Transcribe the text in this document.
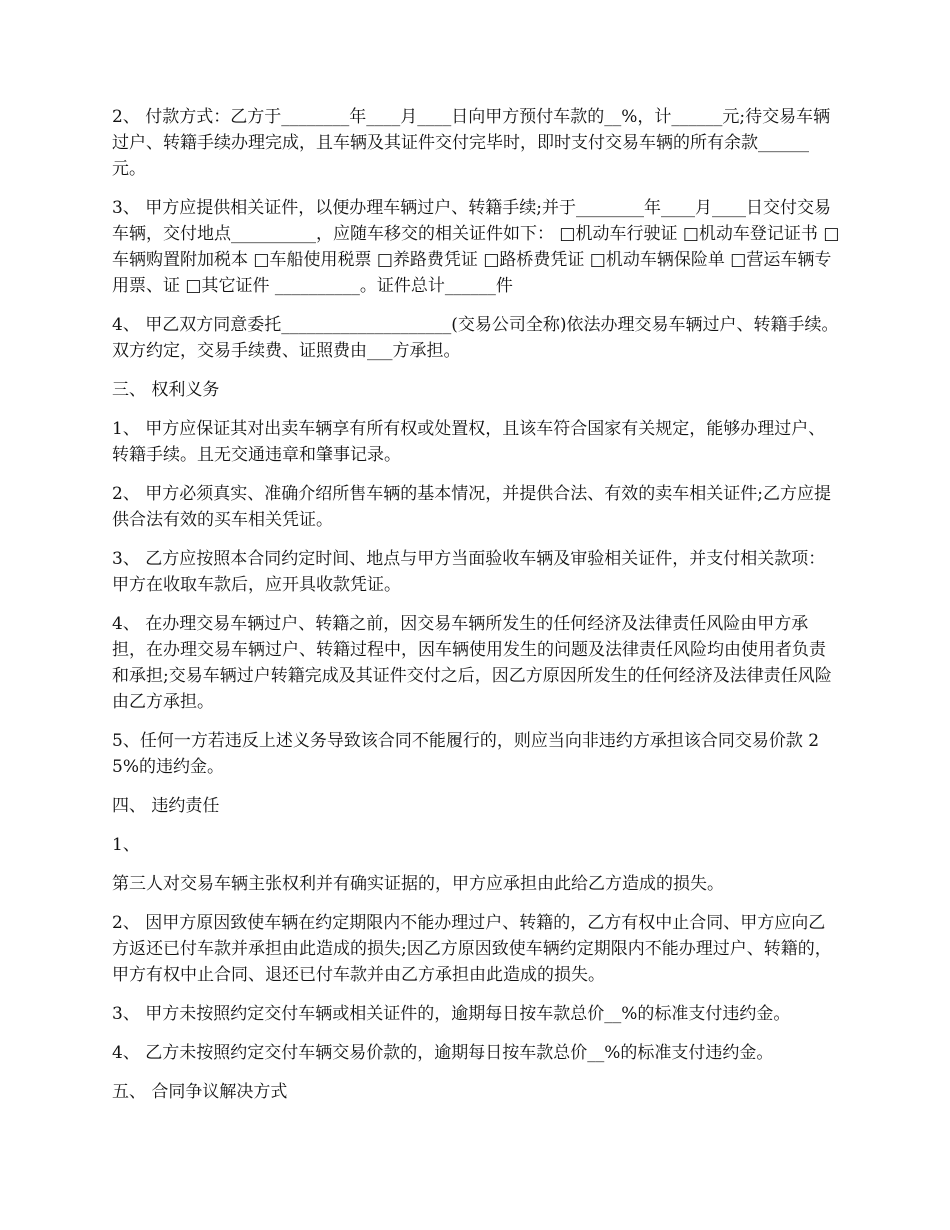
2、 付款方式：乙方于________年____月____日向甲方预付车款的__%，计______元;待交易车辆过户、转籍手续办理完成，且车辆及其证件交付完毕时，即时支付交易车辆的所有余款______元。

3、 甲方应提供相关证件，以便办理车辆过户、转籍手续;并于________年____月____日交付交易车辆，交付地点__________，应随车移交的相关证件如下： □机动车行驶证 □机动车登记证书 □车辆购置附加税本 □车船使用税票 □养路费凭证 □路桥费凭证 □机动车辆保险单 □营运车辆专用票、证 □其它证件 __________。证件总计______件

4、 甲乙双方同意委托____________________(交易公司全称)依法办理交易车辆过户、转籍手续。双方约定，交易手续费、证照费由___方承担。

三、 权利义务

1、 甲方应保证其对出卖车辆享有所有权或处置权，且该车符合国家有关规定，能够办理过户、转籍手续。且无交通违章和肇事记录。

2、 甲方必须真实、准确介绍所售车辆的基本情况，并提供合法、有效的卖车相关证件;乙方应提供合法有效的买车相关凭证。

3、 乙方应按照本合同约定时间、地点与甲方当面验收车辆及审验相关证件，并支付相关款项：甲方在收取车款后，应开具收款凭证。

4、 在办理交易车辆过户、转籍之前，因交易车辆所发生的任何经济及法律责任风险由甲方承担，在办理交易车辆过户、转籍过程中，因车辆使用发生的问题及法律责任风险均由使用者负责和承担;交易车辆过户转籍完成及其证件交付之后，因乙方原因所发生的任何经济及法律责任风险由乙方承担。

5、任何一方若违反上述义务导致该合同不能履行的，则应当向非违约方承担该合同交易价款 25%的违约金。

四、 违约责任

1、

第三人对交易车辆主张权利并有确实证据的，甲方应承担由此给乙方造成的损失。

2、 因甲方原因致使车辆在约定期限内不能办理过户、转籍的，乙方有权中止合同、甲方应向乙方返还已付车款并承担由此造成的损失;因乙方原因致使车辆约定期限内不能办理过户、转籍的，甲方有权中止合同、退还已付车款并由乙方承担由此造成的损失。

3、 甲方未按照约定交付车辆或相关证件的，逾期每日按车款总价__%的标准支付违约金。

4、 乙方未按照约定交付车辆交易价款的，逾期每日按车款总价__%的标准支付违约金。

五、 合同争议解决方式
